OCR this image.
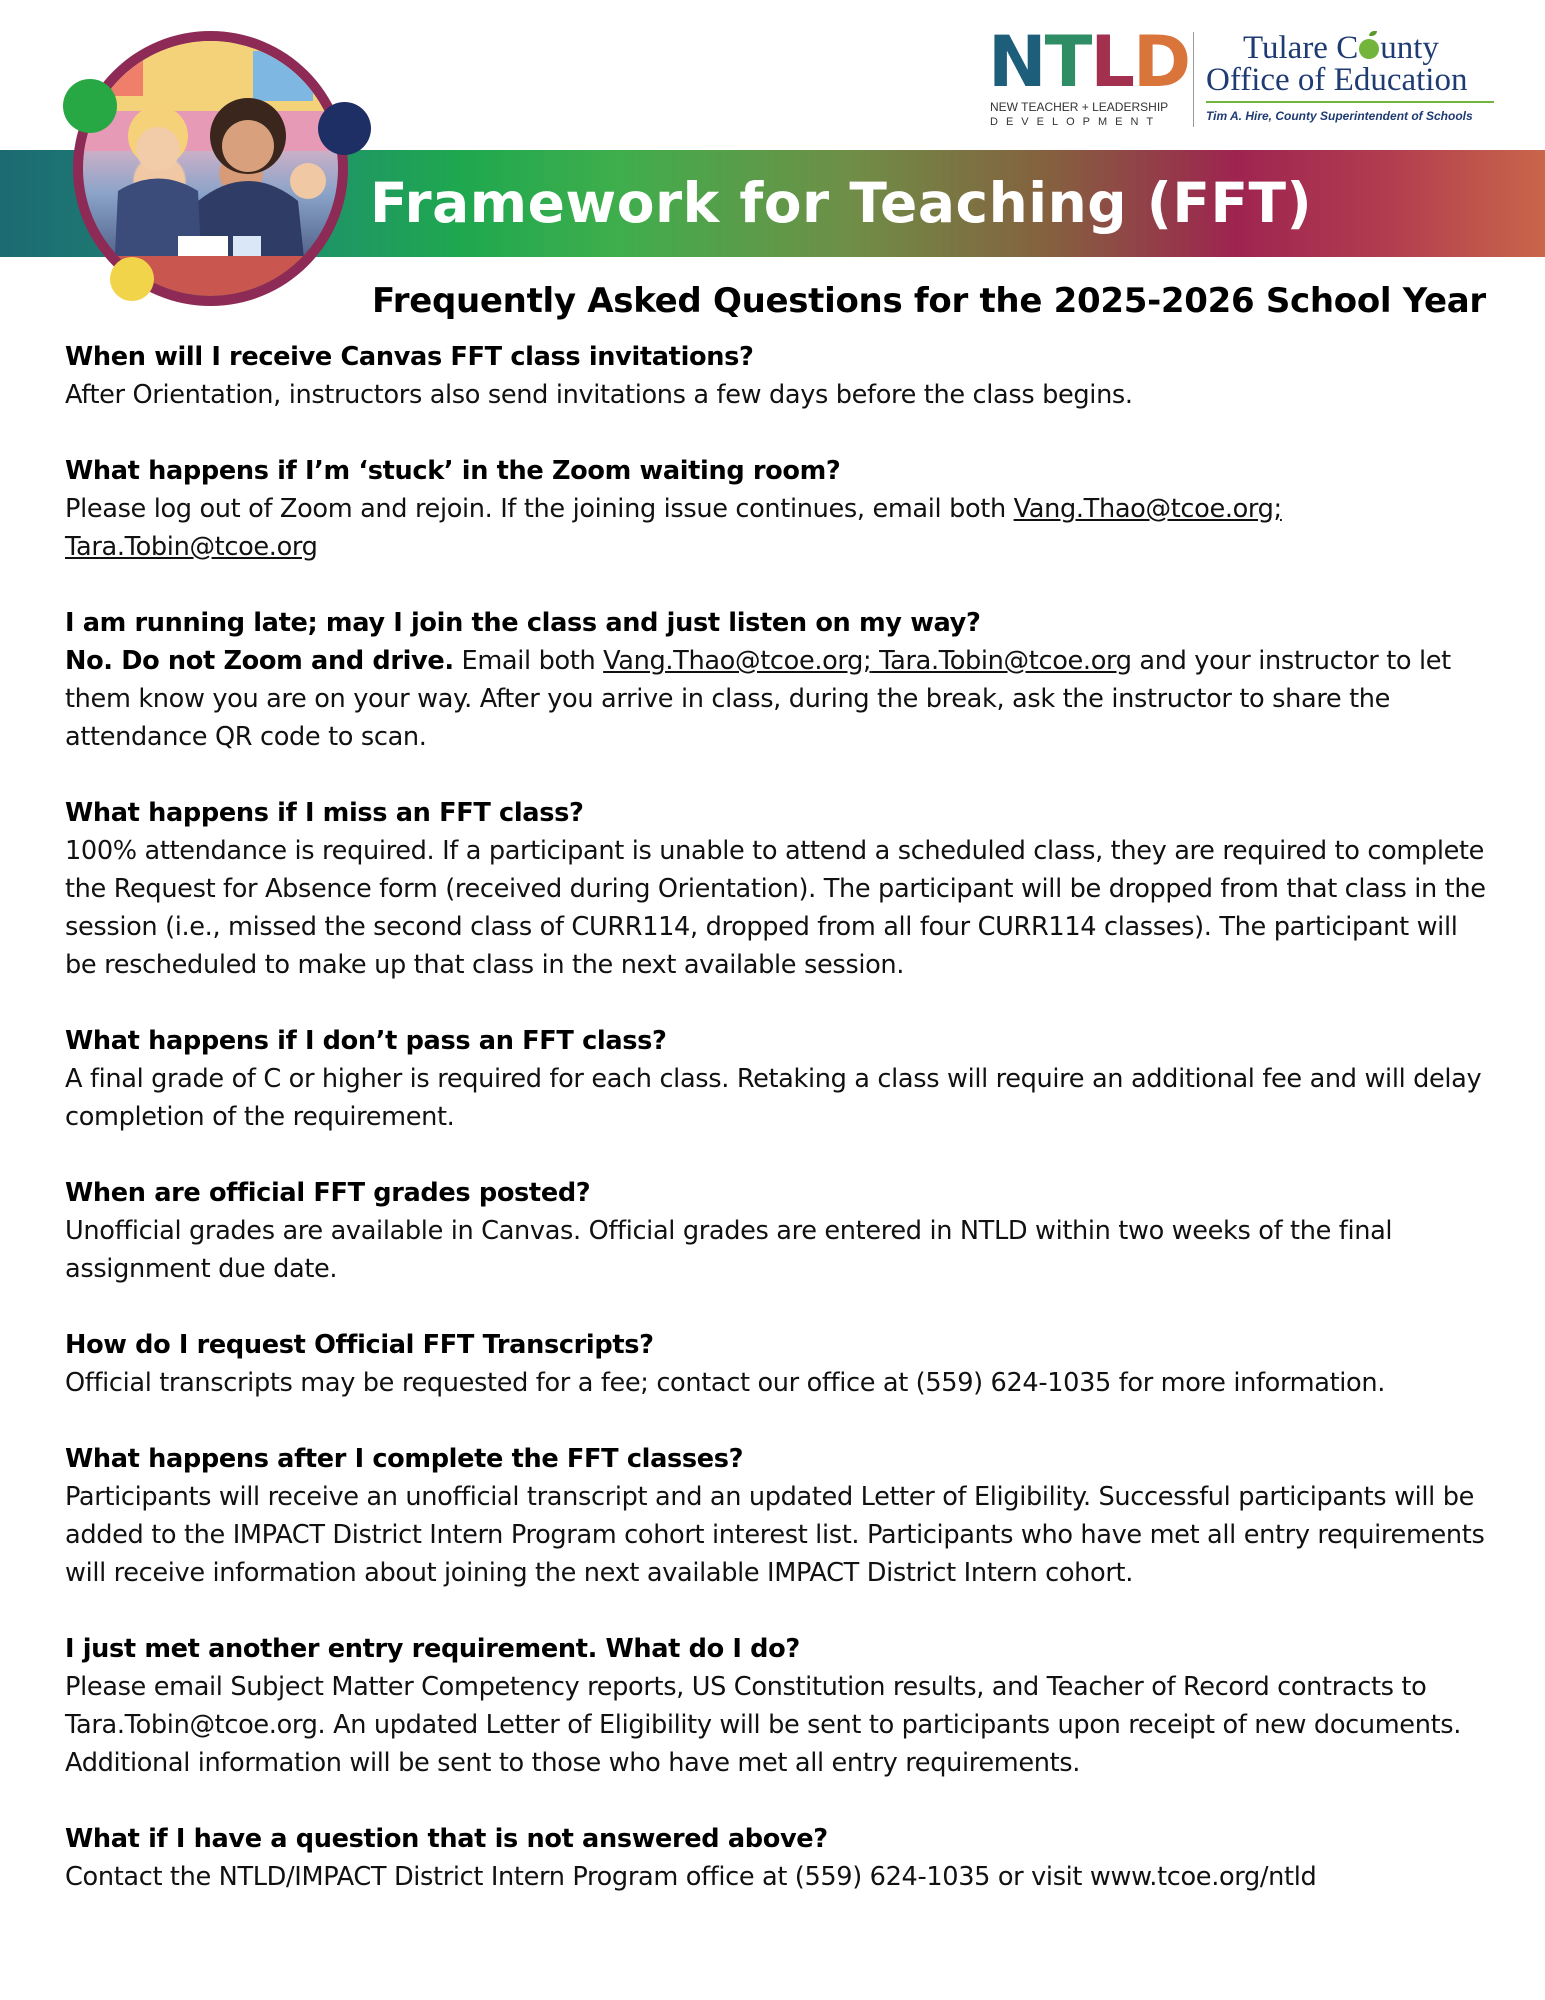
Framework for Teaching (FFT)
NTLD
NEW TEACHER + LEADERSHIP
DEVELOPMENT
Tulare C unty
Office of Education
Tim A. Hire, County Superintendent of Schools
Frequently Asked Questions for the 2025-2026 School Year
When will I receive Canvas FFT class invitations?

After Orientation, instructors also send invitations a few days before the class begins.

What happens if I’m ‘stuck’ in the Zoom waiting room?

Please log out of Zoom and rejoin. If the joining issue continues, email both Vang.Thao@tcoe.org;
Tara.Tobin@tcoe.org

I am running late; may I join the class and just listen on my way?

No. Do not Zoom and drive. Email both Vang.Thao@tcoe.org; Tara.Tobin@tcoe.org and your instructor to let them know you are on your way. After you arrive in class, during the break, ask the instructor to share the attendance QR code to scan.

What happens if I miss an FFT class?

100% attendance is required. If a participant is unable to attend a scheduled class, they are required to complete the Request for Absence form (received during Orientation). The participant will be dropped from that class in the session (i.e., missed the second class of CURR114, dropped from all four CURR114 classes). The participant will be rescheduled to make up that class in the next available session.

What happens if I don’t pass an FFT class?

A final grade of C or higher is required for each class. Retaking a class will require an additional fee and will delay completion of the requirement.

When are official FFT grades posted?

Unofficial grades are available in Canvas. Official grades are entered in NTLD within two weeks of the final assignment due date.

How do I request Official FFT Transcripts?

Official transcripts may be requested for a fee; contact our office at (559) 624-1035 for more information.

What happens after I complete the FFT classes?

Participants will receive an unofficial transcript and an updated Letter of Eligibility. Successful participants will be added to the IMPACT District Intern Program cohort interest list. Participants who have met all entry requirements will receive information about joining the next available IMPACT District Intern cohort.

I just met another entry requirement. What do I do?

Please email Subject Matter Competency reports, US Constitution results, and Teacher of Record contracts to Tara.Tobin@tcoe.org. An updated Letter of Eligibility will be sent to participants upon receipt of new documents. Additional information will be sent to those who have met all entry requirements.

What if I have a question that is not answered above?

Contact the NTLD/IMPACT District Intern Program office at (559) 624-1035 or visit www.tcoe.org/ntld
